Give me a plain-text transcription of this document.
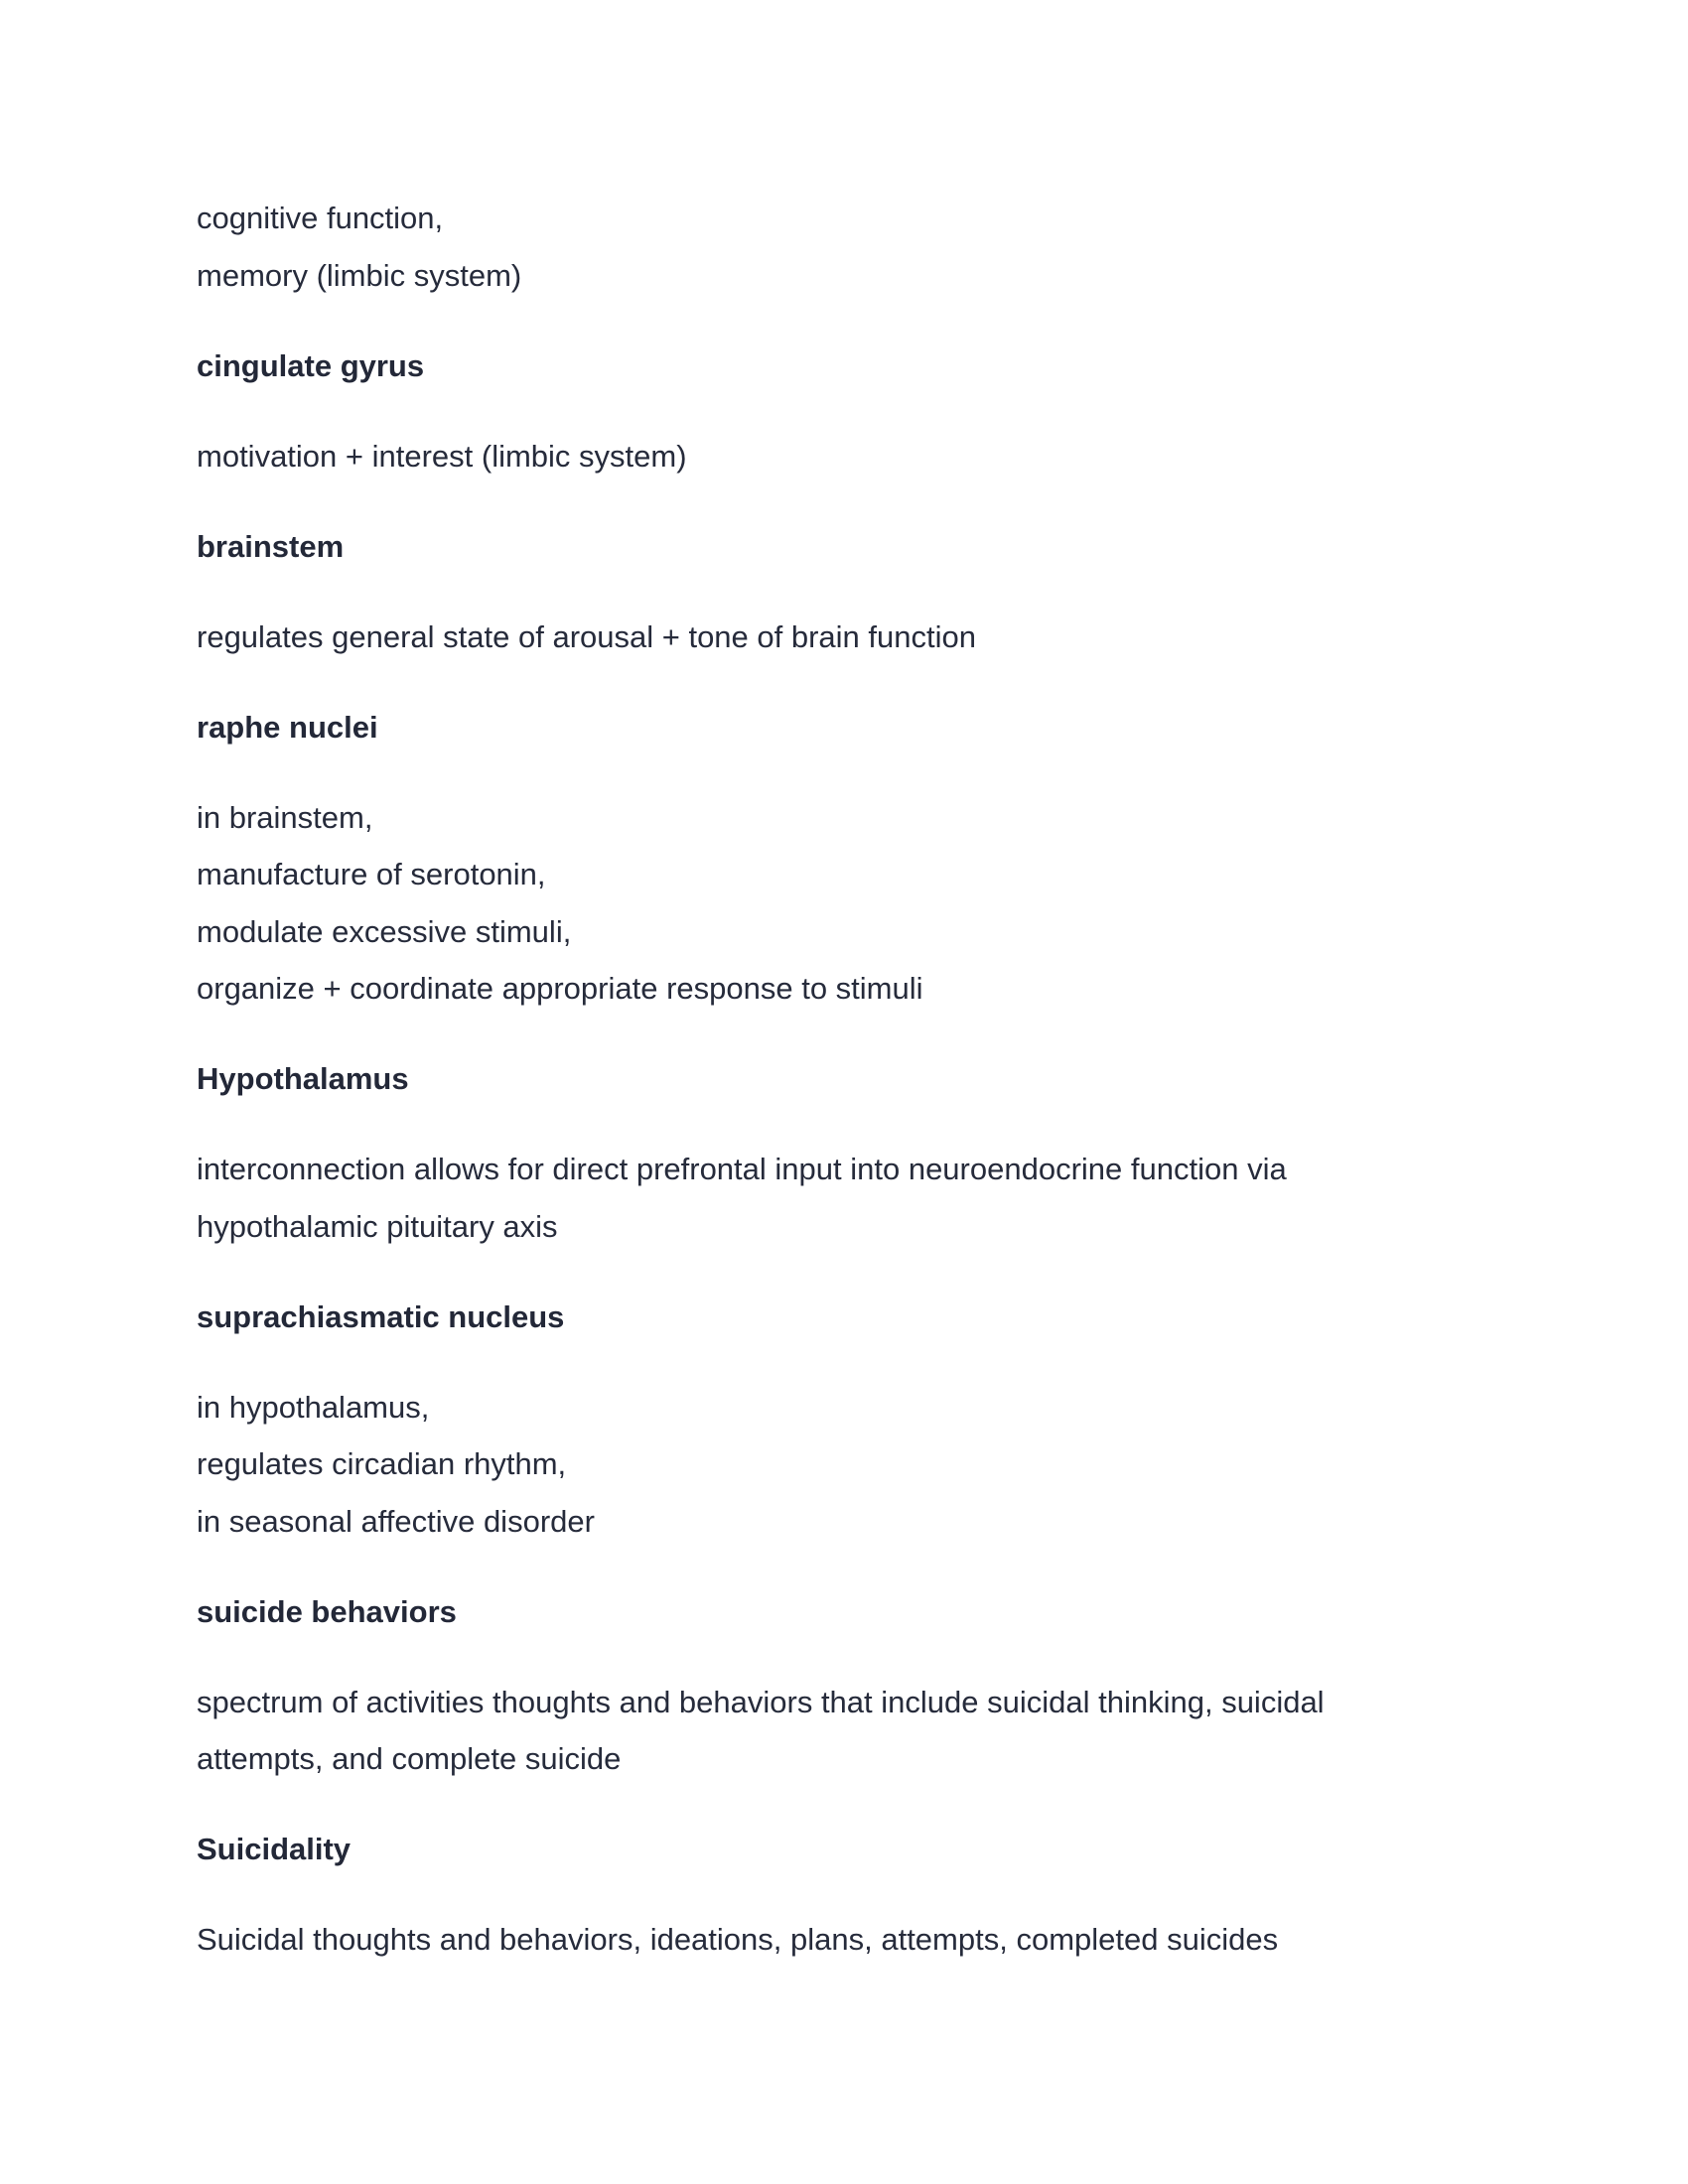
cognitive function,
memory (limbic system)

cingulate gyrus

motivation + interest (limbic system)

brainstem

regulates general state of arousal + tone of brain function

raphe nuclei

in brainstem,
manufacture of serotonin,
modulate excessive stimuli,
organize + coordinate appropriate response to stimuli

Hypothalamus

interconnection allows for direct prefrontal input into neuroendocrine function via hypothalamic pituitary axis

suprachiasmatic nucleus

in hypothalamus,
regulates circadian rhythm,
in seasonal affective disorder

suicide behaviors

spectrum of activities thoughts and behaviors that include suicidal thinking, suicidal attempts, and complete suicide

Suicidality

Suicidal thoughts and behaviors, ideations, plans, attempts, completed suicides
